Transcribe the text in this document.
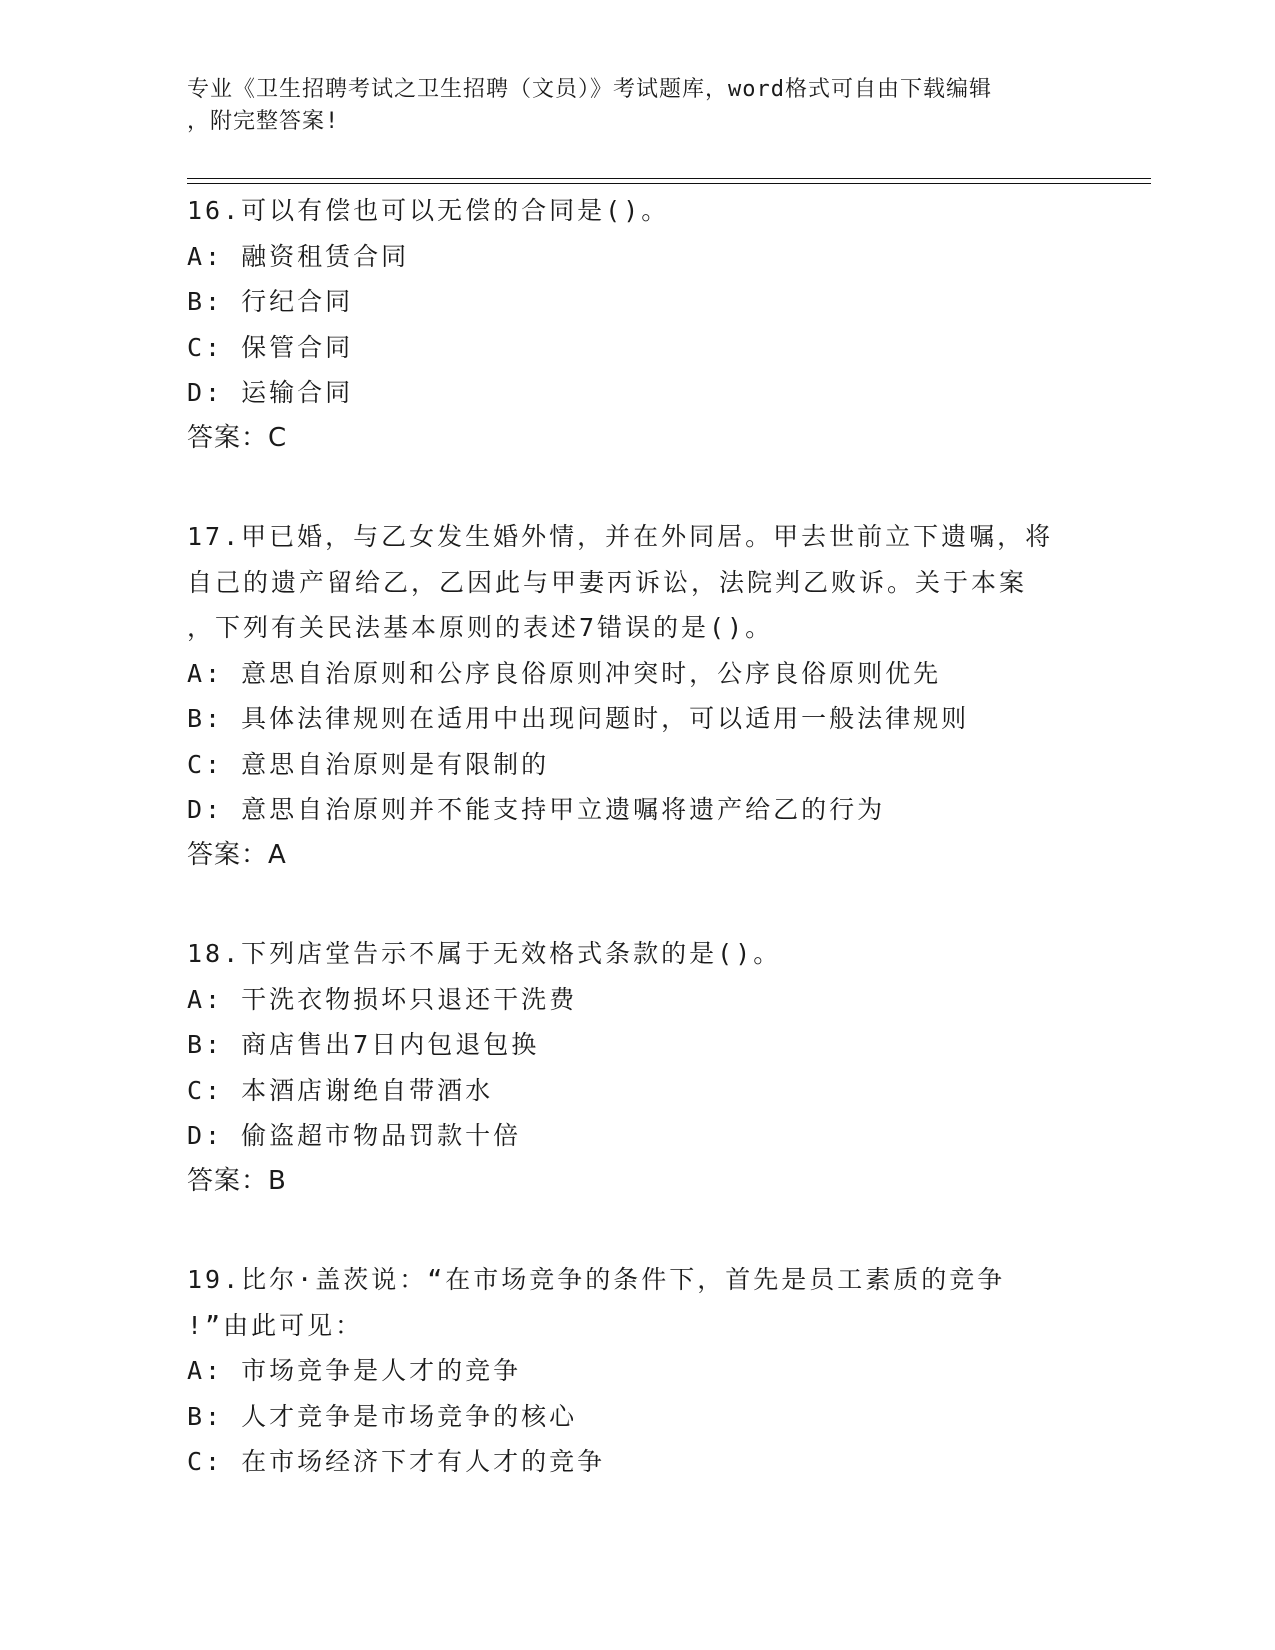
专业《卫生招聘考试之卫生招聘（文员）》考试题库，word格式可自由下载编辑
，附完整答案!
16.可以有偿也可以无偿的合同是()。
A: 融资租赁合同
B: 行纪合同
C: 保管合同
D: 运输合同
答案：C
17.甲已婚，与乙女发生婚外情，并在外同居。甲去世前立下遗嘱，将
自己的遗产留给乙，乙因此与甲妻丙诉讼，法院判乙败诉。关于本案
，下列有关民法基本原则的表述7错误的是()。
A: 意思自治原则和公序良俗原则冲突时，公序良俗原则优先
B: 具体法律规则在适用中出现问题时，可以适用一般法律规则
C: 意思自治原则是有限制的
D: 意思自治原则并不能支持甲立遗嘱将遗产给乙的行为
答案：A
18.下列店堂告示不属于无效格式条款的是()。
A: 干洗衣物损坏只退还干洗费
B: 商店售出7日内包退包换
C: 本酒店谢绝自带酒水
D: 偷盗超市物品罚款十倍
答案：B
19.比尔·盖茨说：“在市场竞争的条件下，首先是员工素质的竞争
!”由此可见：
A: 市场竞争是人才的竞争
B: 人才竞争是市场竞争的核心
C: 在市场经济下才有人才的竞争
